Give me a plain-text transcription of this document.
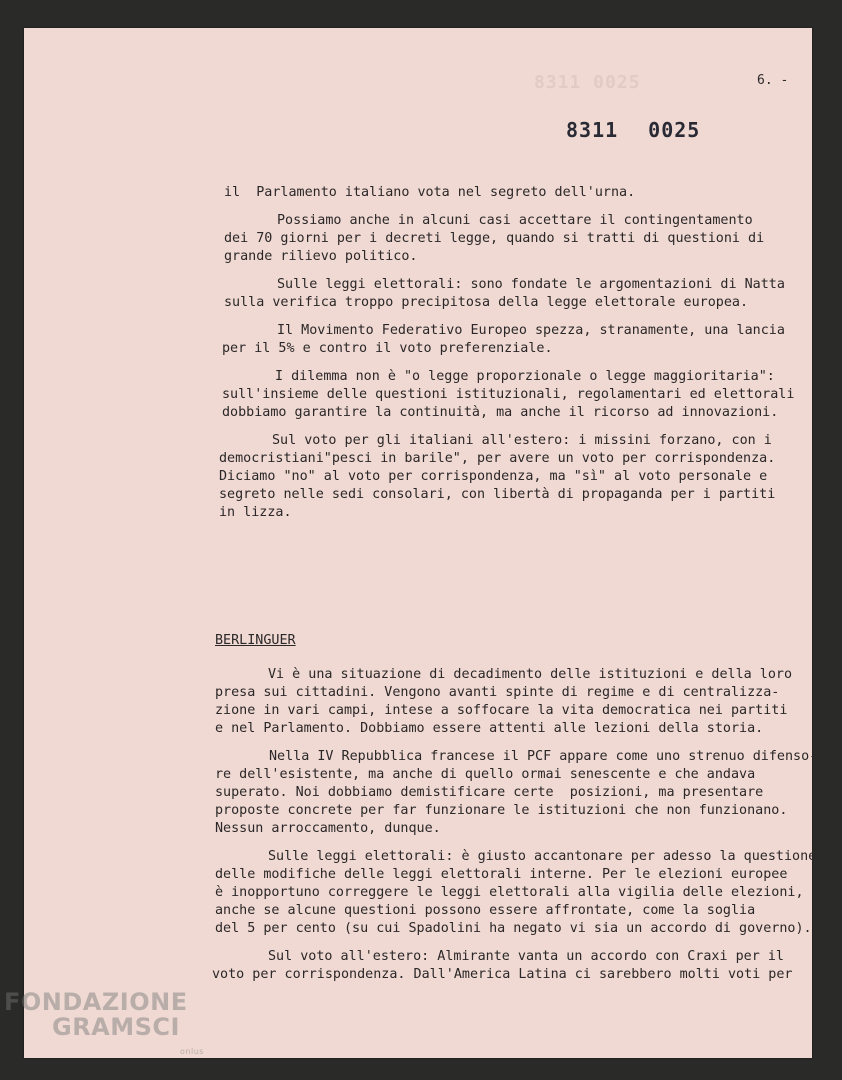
8311 0025	6. -
8311 0025
il  Parlamento italiano vota nel segreto dell'urna.
Possiamo anche in alcuni casi accettare il contingentamento
dei 70 giorni per i decreti legge, quando si tratti di questioni di
grande rilievo politico.
Sulle leggi elettorali: sono fondate le argomentazioni di Natta
sulla verifica troppo precipitosa della legge elettorale europea.
Il Movimento Federativo Europeo spezza, stranamente, una lancia
per il 5% e contro il voto preferenziale.
I dilemma non è "o legge proporzionale o legge maggioritaria":
sull'insieme delle questioni istituzionali, regolamentari ed elettorali
dobbiamo garantire la continuità, ma anche il ricorso ad innovazioni.
Sul voto per gli italiani all'estero: i missini forzano, con i
democristiani"pesci in barile", per avere un voto per corrispondenza.
Diciamo "no" al voto per corrispondenza, ma "sì" al voto personale e
segreto nelle sedi consolari, con libertà di propaganda per i partiti
in lizza.
BERLINGUER
Vi è una situazione di decadimento delle istituzioni e della loro
presa sui cittadini. Vengono avanti spinte di regime e di centralizza-
zione in vari campi, intese a soffocare la vita democratica nei partiti
e nel Parlamento. Dobbiamo essere attenti alle lezioni della storia.
Nella IV Repubblica francese il PCF appare come uno strenuo difenso-
re dell'esistente, ma anche di quello ormai senescente e che andava
superato. Noi dobbiamo demistificare certe  posizioni, ma presentare
proposte concrete per far funzionare le istituzioni che non funzionano.
Nessun arroccamento, dunque.
Sulle leggi elettorali: è giusto accantonare per adesso la questione
delle modifiche delle leggi elettorali interne. Per le elezioni europee
è inopportuno correggere le leggi elettorali alla vigilia delle elezioni,
anche se alcune questioni possono essere affrontate, come la soglia
del 5 per cento (su cui Spadolini ha negato vi sia un accordo di governo).
Sul voto all'estero: Almirante vanta un accordo con Craxi per il
voto per corrispondenza. Dall'America Latina ci sarebbero molti voti per
FONDAZIONE
GRAMSCI
onlus
